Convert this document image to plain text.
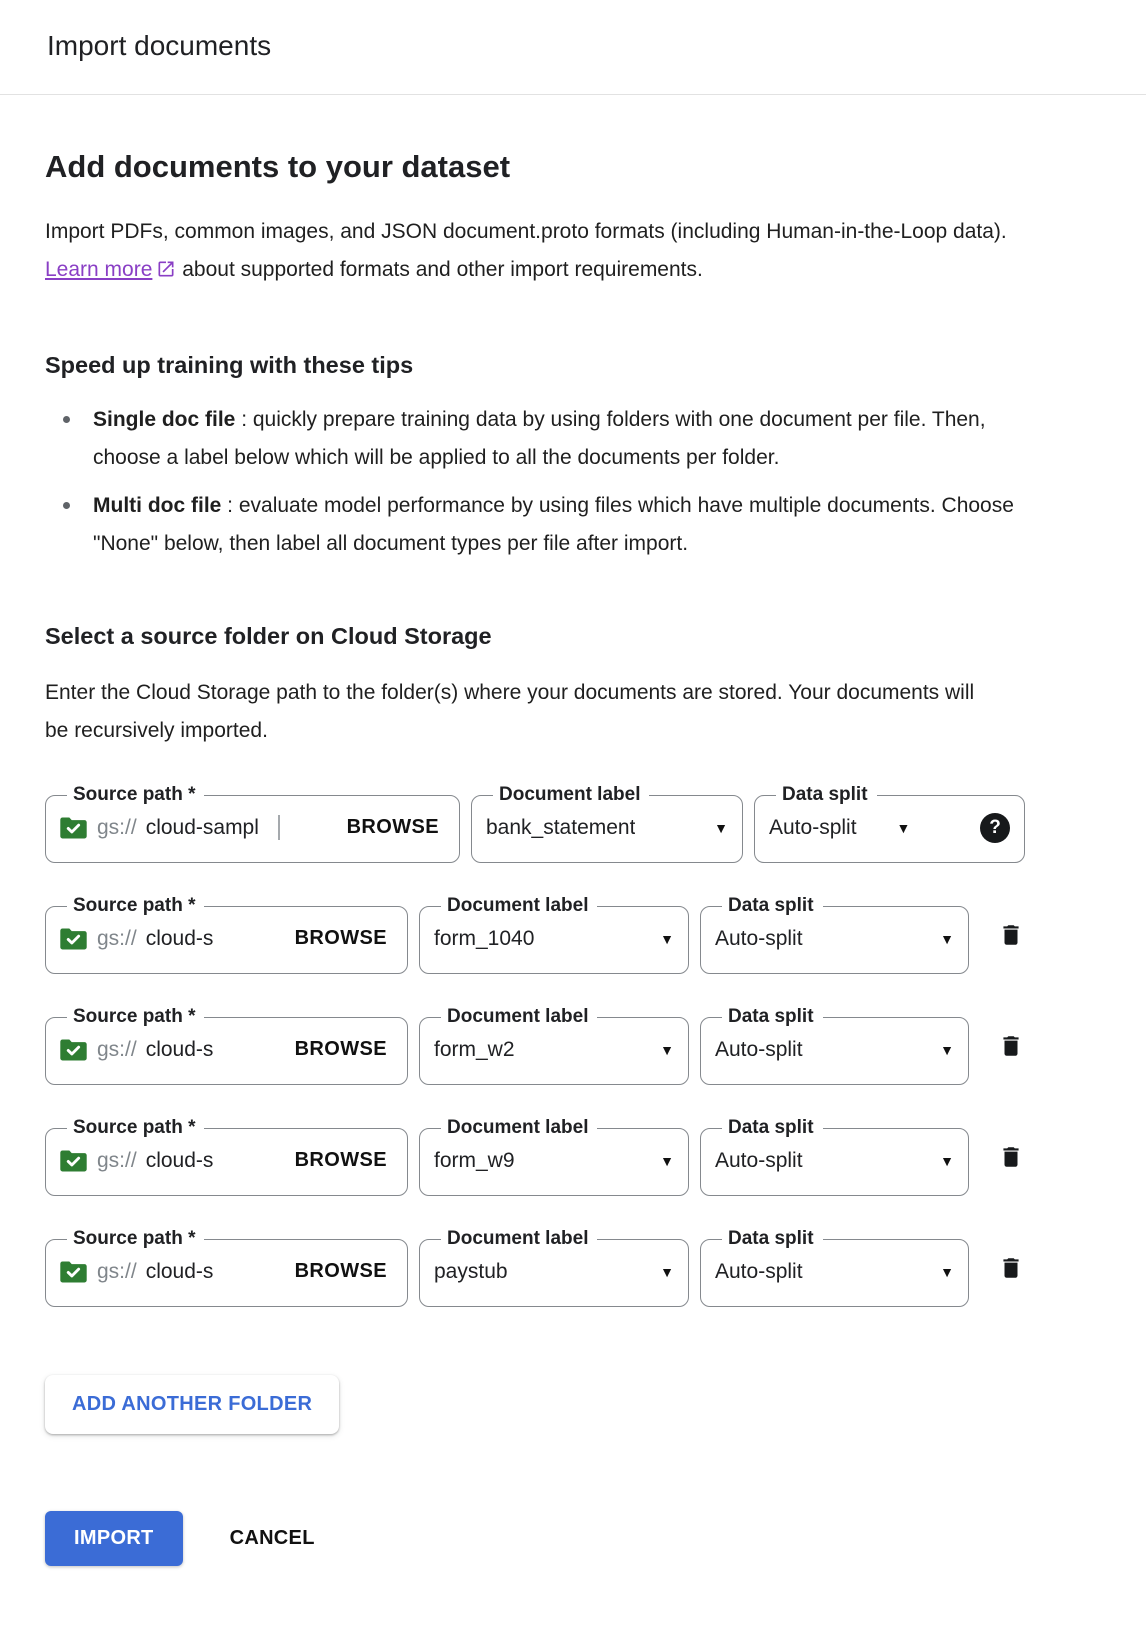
Import documents
Add documents to your dataset

Import PDFs, common images, and JSON document.proto formats (including Human-in-the-Loop data). Learn more about supported formats and other import requirements.

Speed up training with these tips
Single doc file : quickly prepare training data by using folders with one document per file. Then, choose a label below which will be applied to all the documents per folder.
Multi doc file : evaluate model performance by using files which have multiple documents. Choose "None" below, then label all document types per file after import.
Select a source folder on Cloud Storage

Enter the Cloud Storage path to the folder(s) where your documents are stored. Your documents will be recursively imported.

Source path *
gs://
cloud-sampl	BROWSE
Document label
bank_statement	▼
Data split
Auto-split	▼	?
Source path *
gs://
cloud-s	BROWSE
Document label
form_1040	▼
Data split
Auto-split	▼
Source path *
gs://
cloud-s	BROWSE
Document label
form_w2	▼
Data split
Auto-split	▼
Source path *
gs://
cloud-s	BROWSE
Document label
form_w9	▼
Data split
Auto-split	▼
Source path *
gs://
cloud-s	BROWSE
Document label
paystub	▼
Data split
Auto-split	▼
ADD ANOTHER FOLDER
IMPORT	CANCEL
